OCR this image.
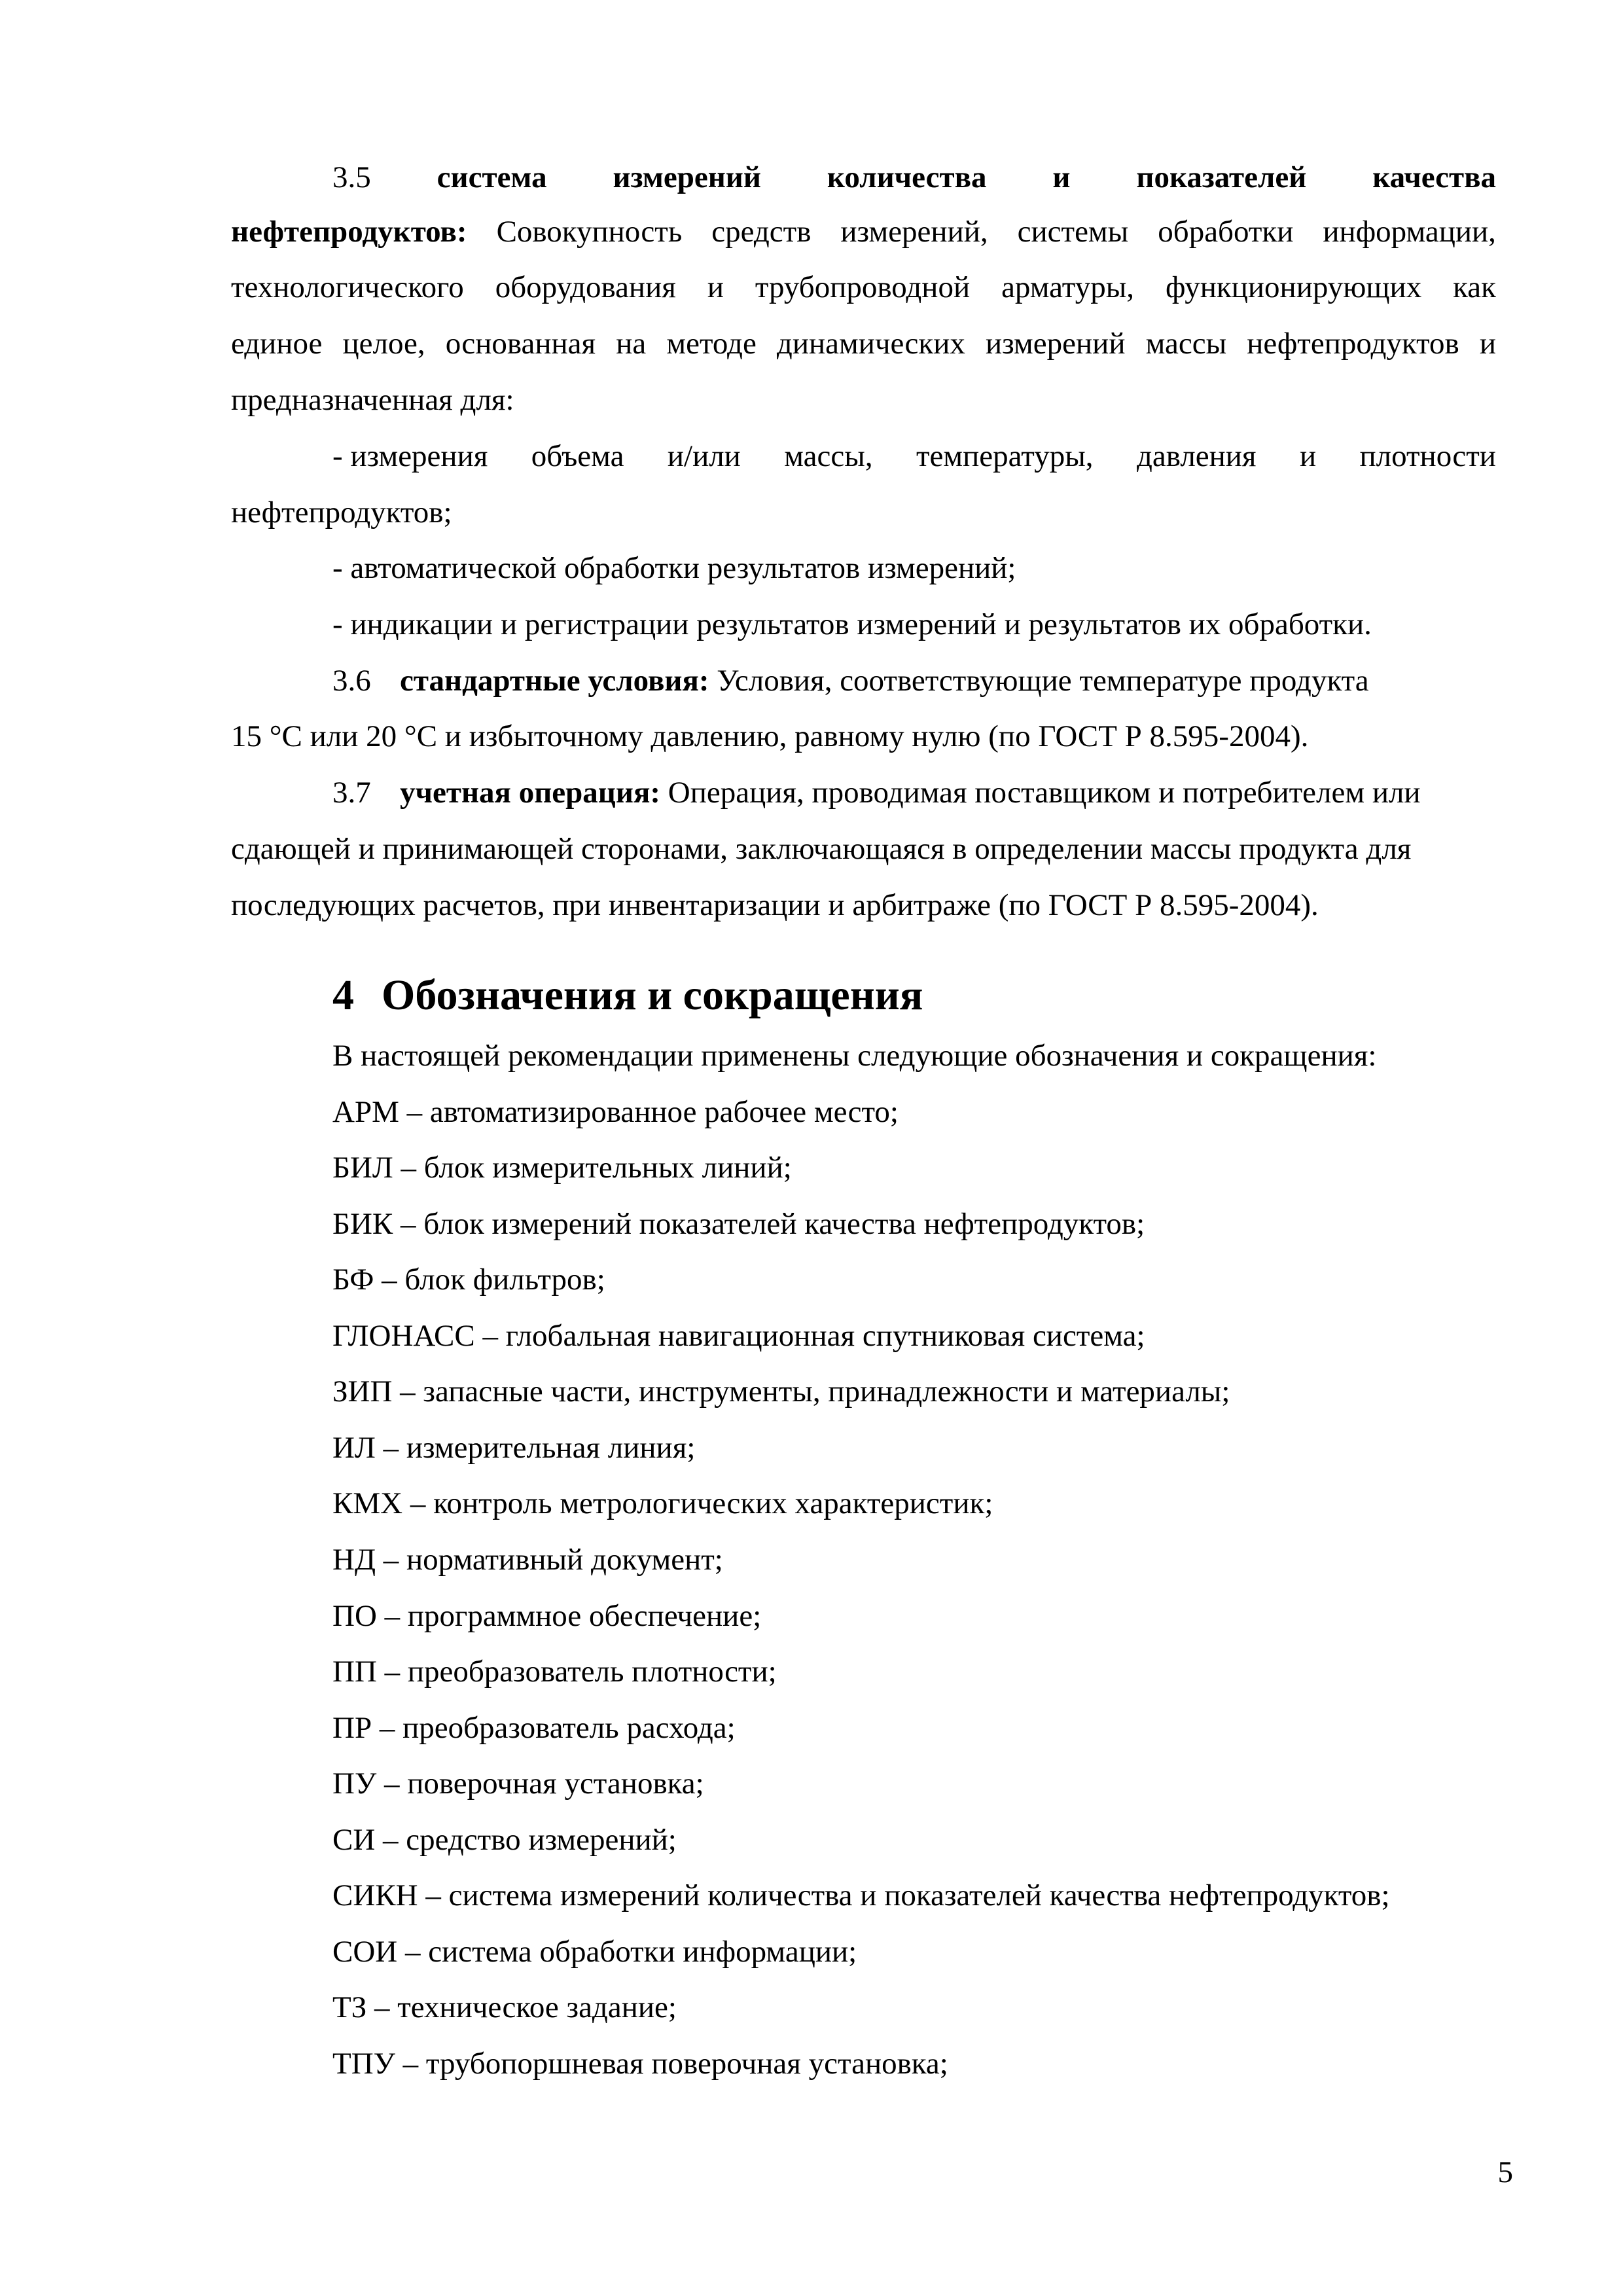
3.5 система измерений количества и показателей качества
нефтепродуктов: Совокупность средств измерений, системы обработки информации,
технологического оборудования и трубопроводной арматуры, функционирующих как
единое целое, основанная на методе динамических измерений массы нефтепродуктов и
предназначенная для:
- измерения объема и/или массы, температуры, давления и плотности
нефтепродуктов;
- автоматической обработки результатов измерений;
- индикации и регистрации результатов измерений и результатов их обработки.
3.6 стандартные условия: Условия, соответствующие температуре продукта
15 °С или 20 °С и избыточному давлению, равному нулю (по ГОСТ Р 8.595-2004).
3.7 учетная операция: Операция, проводимая поставщиком и потребителем или
сдающей и принимающей сторонами, заключающаяся в определении массы продукта для
последующих расчетов, при инвентаризации и арбитраже (по ГОСТ Р 8.595-2004).
4 Обозначения и сокращения
В настоящей рекомендации применены следующие обозначения и сокращения:
АРМ – автоматизированное рабочее место;
БИЛ – блок измерительных линий;
БИК – блок измерений показателей качества нефтепродуктов;
БФ – блок фильтров;
ГЛОНАСС – глобальная навигационная спутниковая система;
ЗИП – запасные части, инструменты, принадлежности и материалы;
ИЛ – измерительная линия;
КМХ – контроль метрологических характеристик;
НД – нормативный документ;
ПО – программное обеспечение;
ПП – преобразователь плотности;
ПР – преобразователь расхода;
ПУ – поверочная установка;
СИ – средство измерений;
СИКН – система измерений количества и показателей качества нефтепродуктов;
СОИ – система обработки информации;
ТЗ – техническое задание;
ТПУ – трубопоршневая поверочная установка;
5
